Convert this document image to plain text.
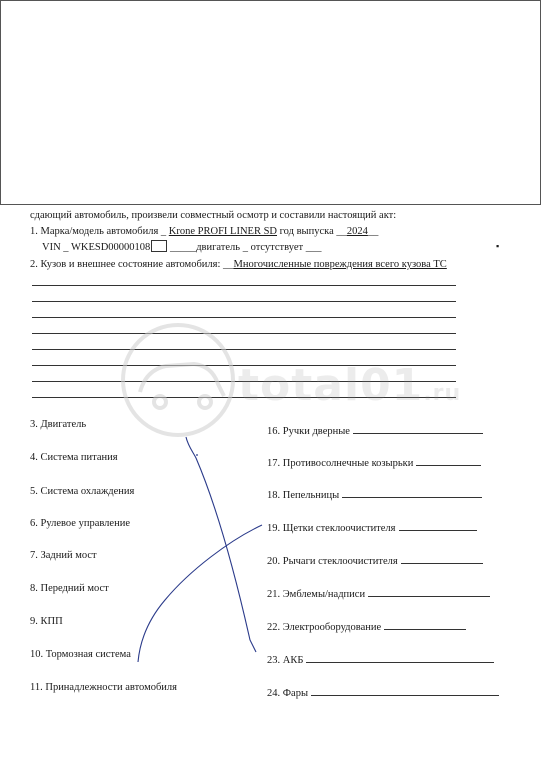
сдающий автомобиль, произвели совместный осмотр и составили настоящий акт:
1. Марка/модель автомобиля _ Krone PROFI LINER SD год выпуска __2024__
VIN _ WKESD00000108 _____двигатель _ отсутствует ___	▪
2. Кузов и внешнее состояние автомобиля: __Многочисленные повреждения всего кузова ТС
total01.ru
3. Двигатель
4. Система питания
5. Система охлаждения
6. Рулевое управление
7. Задний мост
8. Передний мост
9. КПП
10. Тормозная система
11. Принадлежности автомобиля
16. Ручки дверные
17. Противосолнечные козырьки
18. Пепельницы
19. Щетки стеклоочистителя
20. Рычаги стеклоочистителя
21. Эмблемы/надписи
22. Электрооборудование
23. АКБ
24. Фары
